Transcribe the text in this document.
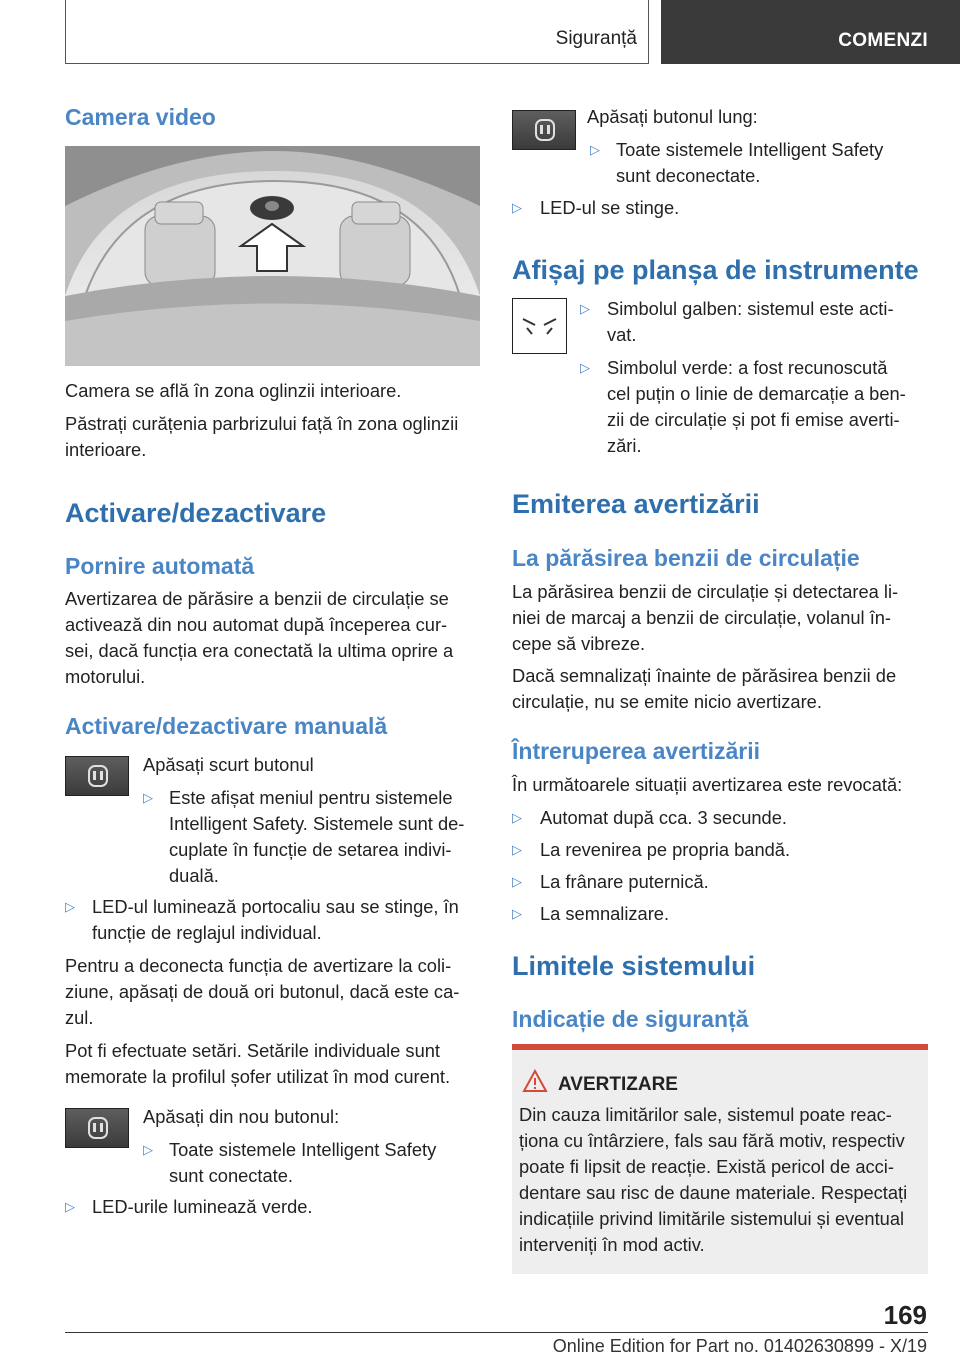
Siguranță	COMENZI
Camera video
Camera se află în zona oglinzii interioare.
Păstrați curățenia parbrizului față în zona oglinzii
interioare.
Activare/dezactivare
Pornire automată
Avertizarea de părăsire a benzii de circulație se
activează din nou automat după începerea cur-
sei, dacă funcția era conectată la ultima oprire a
motorului.
Activare/dezactivare manuală
Apăsați scurt butonul
▷ Este afișat meniul pentru sistemele
Intelligent Safety. Sistemele sunt de-
cuplate în funcție de setarea indivi-
duală.
▷ LED-ul luminează portocaliu sau se stinge, în
funcție de reglajul individual.
Pentru a deconecta funcția de avertizare la coli-
ziune, apăsați de două ori butonul, dacă este ca-
zul.
Pot fi efectuate setări. Setările individuale sunt
memorate la profilul șofer utilizat în mod curent.
Apăsați din nou butonul:
▷ Toate sistemele Intelligent Safety
sunt conectate.
▷ LED-urile luminează verde.
Apăsați butonul lung:
▷ Toate sistemele Intelligent Safety
sunt deconectate.
▷ LED-ul se stinge.
Afișaj pe planșa de instrumente
▷ Simbolul galben: sistemul este acti-
vat.
▷ Simbolul verde: a fost recunoscută
cel puțin o linie de demarcație a ben-
zii de circulație și pot fi emise averti-
zări.
Emiterea avertizării
La părăsirea benzii de circulație
La părăsirea benzii de circulație și detectarea li-
niei de marcaj a benzii de circulație, volanul în-
cepe să vibreze.
Dacă semnalizați înainte de părăsirea benzii de
circulație, nu se emite nicio avertizare.
Întreruperea avertizării
În următoarele situații avertizarea este revocată:
▷ Automat după cca. 3 secunde.
▷ La revenirea pe propria bandă.
▷ La frânare puternică.
▷ La semnalizare.
Limitele sistemului
Indicație de siguranță
AVERTIZARE
Din cauza limitărilor sale, sistemul poate reac-
ționa cu întârziere, fals sau fără motiv, respectiv
poate fi lipsit de reacție. Există pericol de acci-
dentare sau risc de daune materiale. Respectați
indicațiile privind limitările sistemului și eventual
interveniți în mod activ.
169
Online Edition for Part no. 01402630899 - X/19
